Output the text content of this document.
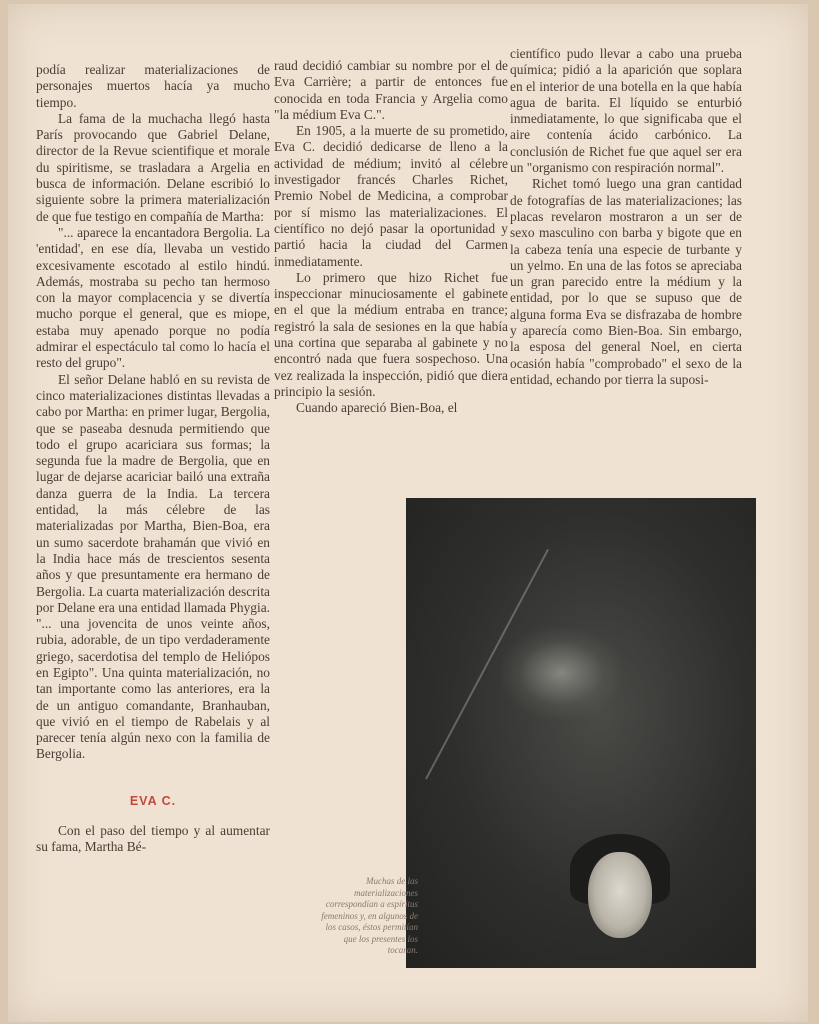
podía realizar materializaciones de personajes muertos hacía ya mucho tiempo.

La fama de la muchacha llegó hasta París provocando que Gabriel Delane, director de la Revue scientifique et morale du spiritisme, se trasladara a Argelia en busca de información. Delane escribió lo siguiente sobre la primera materialización de que fue testigo en compañía de Martha:

"... aparece la encantadora Bergolia. La 'entidad', en ese día, llevaba un vestido excesivamente escotado al estilo hindú. Además, mostraba su pecho tan hermoso con la mayor complacencia y se divertía mucho porque el general, que es miope, estaba muy apenado porque no podía admirar el espectáculo tal como lo hacía el resto del grupo".

El señor Delane habló en su revista de cinco materializaciones distintas llevadas a cabo por Martha: en primer lugar, Bergolia, que se paseaba desnuda permitiendo que todo el grupo acariciara sus formas; la segunda fue la madre de Bergolia, que en lugar de dejarse acariciar bailó una extraña danza guerra de la India. La tercera entidad, la más célebre de las materializadas por Martha, Bien-Boa, era un sumo sacerdote brahamán que vivió en la India hace más de trescientos sesenta años y que presuntamente era hermano de Bergolia. La cuarta materialización descrita por Delane era una entidad llamada Phygia. "... una jovencita de unos veinte años, rubia, adorable, de un tipo verdaderamente griego, sacerdotisa del templo de Heliópos en Egipto". Una quinta materialización, no tan importante como las anteriores, era la de un antiguo comandante, Branhauban, que vivió en el tiempo de Rabelais y al parecer tenía algún nexo con la familia de Bergolia.

EVA C.

Con el paso del tiempo y al aumentar su fama, Martha Bé-

raud decidió cambiar su nombre por el de Eva Carrière; a partir de entonces fue conocida en toda Francia y Argelia como "la médium Eva C.".

En 1905, a la muerte de su prometido, Eva C. decidió dedicarse de lleno a la actividad de médium; invitó al célebre investigador francés Charles Richet, Premio Nobel de Medicina, a comprobar por sí mismo las materializaciones. El científico no dejó pasar la oportunidad y partió hacia la ciudad del Carmen inmediatamente.

Lo primero que hizo Richet fue inspeccionar minuciosamente el gabinete en el que la médium entraba en trance; registró la sala de sesiones en la que había una cortina que separaba al gabinete y no encontró nada que fuera sospechoso. Una vez realizada la inspección, pidió que diera principio la sesión.

Cuando apareció Bien-Boa, el

científico pudo llevar a cabo una prueba química; pidió a la aparición que soplara en el interior de una botella en la que había agua de barita. El líquido se enturbió inmediatamente, lo que significaba que el aire contenía ácido carbónico. La conclusión de Richet fue que aquel ser era un "organismo con respiración normal".

Richet tomó luego una gran cantidad de fotografías de las materializaciones; las placas revelaron mostraron a un ser de sexo masculino con barba y bigote que en la cabeza tenía una especie de turbante y un yelmo. En una de las fotos se apreciaba un gran parecido entre la médium y la entidad, por lo que se supuso que de alguna forma Eva se disfrazaba de hombre y aparecía como Bien-Boa. Sin embargo, la esposa del general Noel, en cierta ocasión había "comprobado" el sexo de la entidad, echando por tierra la suposi-

Muchas de las materializaciones correspondían a espíritus femeninos y, en algunos de los casos, éstos permitían que los presentes los tocaran.
